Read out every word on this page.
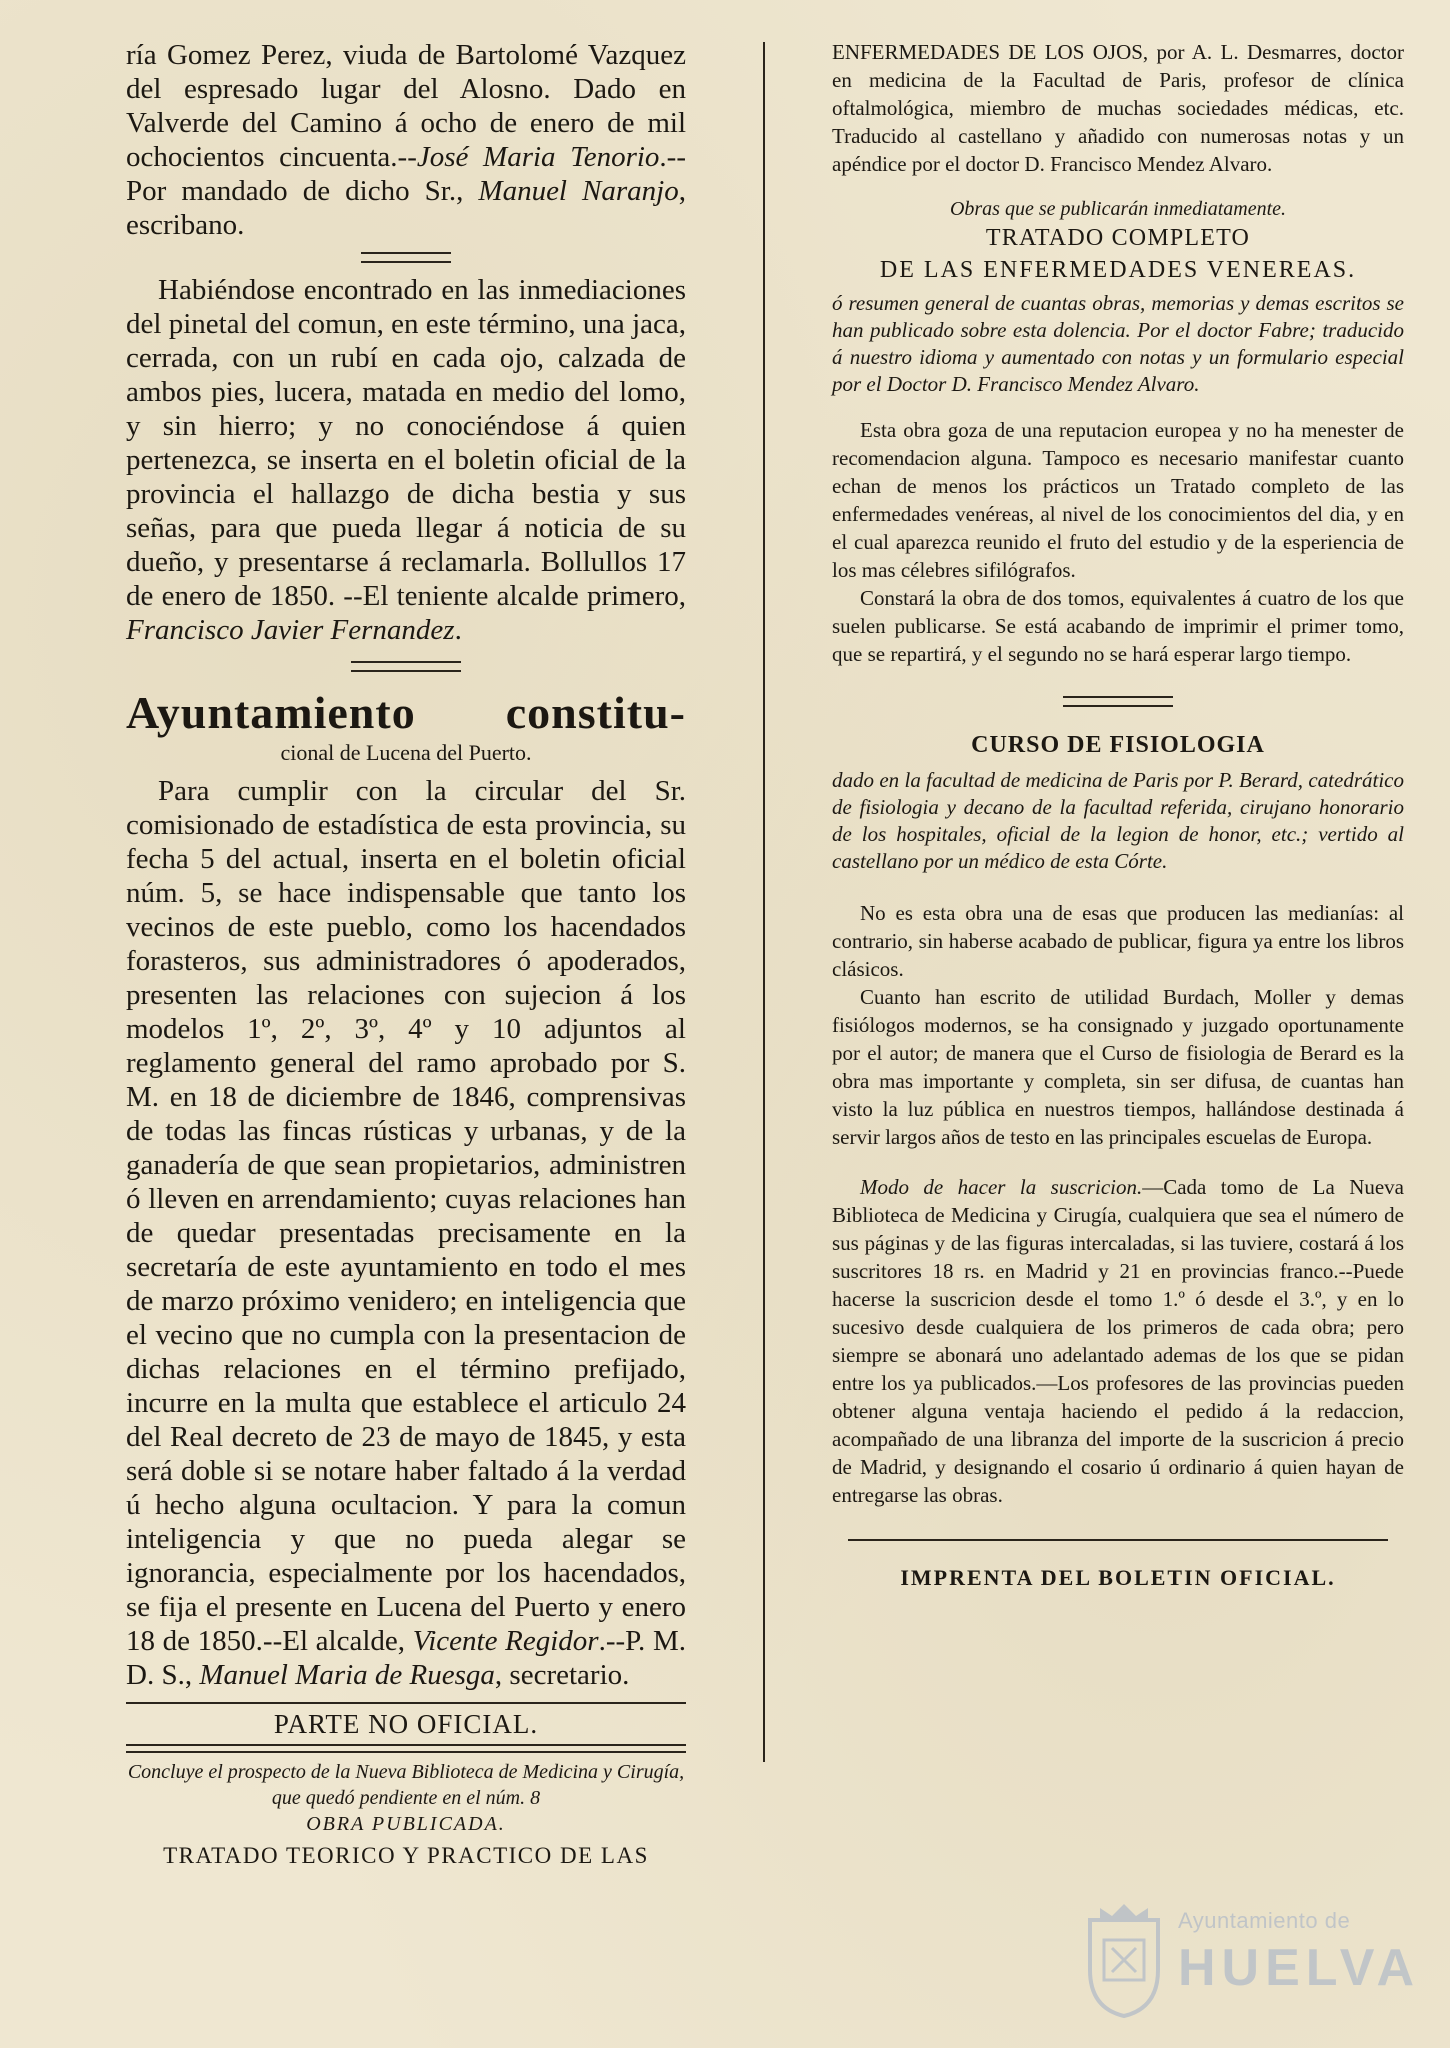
ría Gomez Perez, viuda de Bartolomé Vazquez del espresado lugar del Alosno. Dado en Valverde del Camino á ocho de enero de mil ochocientos cincuenta.--José Maria Tenorio.--Por mandado de dicho Sr., Manuel Naranjo, escribano.

Habiéndose encontrado en las inmediaciones del pinetal del comun, en este término, una jaca, cerrada, con un rubí en cada ojo, calzada de ambos pies, lucera, matada en medio del lomo, y sin hierro; y no conociéndose á quien pertenezca, se inserta en el boletin oficial de la provincia el hallazgo de dicha bestia y sus señas, para que pueda llegar á noticia de su dueño, y presentarse á reclamarla. Bollullos 17 de enero de 1850. --El teniente alcalde primero, Francisco Javier Fernandez.

Ayuntamiento constitu-

cional de Lucena del Puerto.

Para cumplir con la circular del Sr. comisionado de estadística de esta provincia, su fecha 5 del actual, inserta en el boletin oficial núm. 5, se hace indispensable que tanto los vecinos de este pueblo, como los hacendados forasteros, sus administradores ó apoderados, presenten las relaciones con sujecion á los modelos 1º, 2º, 3º, 4º y 10 adjuntos al reglamento general del ramo aprobado por S. M. en 18 de diciembre de 1846, comprensivas de todas las fincas rústicas y urbanas, y de la ganadería de que sean propietarios, administren ó lleven en arrendamiento; cuyas relaciones han de quedar presentadas precisamente en la secretaría de este ayuntamiento en todo el mes de marzo próximo venidero; en inteligencia que el vecino que no cumpla con la presentacion de dichas relaciones en el término prefijado, incurre en la multa que establece el articulo 24 del Real decreto de 23 de mayo de 1845, y esta será doble si se notare haber faltado á la verdad ú hecho alguna ocultacion. Y para la comun inteligencia y que no pueda alegar se ignorancia, especialmente por los hacendados, se fija el presente en Lucena del Puerto y enero 18 de 1850.--El alcalde, Vicente Regidor.--P. M. D. S., Manuel Maria de Ruesga, secretario.

PARTE NO OFICIAL.

Concluye el prospecto de la Nueva Biblioteca de Medicina y Cirugía, que quedó pendiente en el núm. 8

OBRA PUBLICADA.

TRATADO TEORICO Y PRACTICO DE LAS

ENFERMEDADES DE LOS OJOS, por A. L. Desmarres, doctor en medicina de la Facultad de Paris, profesor de clínica oftalmológica, miembro de muchas sociedades médicas, etc. Traducido al castellano y añadido con numerosas notas y un apéndice por el doctor D. Francisco Mendez Alvaro.

Obras que se publicarán inmediatamente.

TRATADO COMPLETO

DE LAS ENFERMEDADES VENEREAS.

ó resumen general de cuantas obras, memorias y demas escritos se han publicado sobre esta dolencia. Por el doctor Fabre; traducido á nuestro idioma y aumentado con notas y un formulario especial por el Doctor D. Francisco Mendez Alvaro.

Esta obra goza de una reputacion europea y no ha menester de recomendacion alguna. Tampoco es necesario manifestar cuanto echan de menos los prácticos un Tratado completo de las enfermedades venéreas, al nivel de los conocimientos del dia, y en el cual aparezca reunido el fruto del estudio y de la esperiencia de los mas célebres sifilógrafos.

Constará la obra de dos tomos, equivalentes á cuatro de los que suelen publicarse. Se está acabando de imprimir el primer tomo, que se repartirá, y el segundo no se hará esperar largo tiempo.

CURSO DE FISIOLOGIA

dado en la facultad de medicina de Paris por P. Berard, catedrático de fisiologia y decano de la facultad referida, cirujano honorario de los hospitales, oficial de la legion de honor, etc.; vertido al castellano por un médico de esta Córte.

No es esta obra una de esas que producen las medianías: al contrario, sin haberse acabado de publicar, figura ya entre los libros clásicos.

Cuanto han escrito de utilidad Burdach, Moller y demas fisiólogos modernos, se ha consignado y juzgado oportunamente por el autor; de manera que el Curso de fisiologia de Berard es la obra mas importante y completa, sin ser difusa, de cuantas han visto la luz pública en nuestros tiempos, hallándose destinada á servir largos años de testo en las principales escuelas de Europa.

Modo de hacer la suscricion.—Cada tomo de La Nueva Biblioteca de Medicina y Cirugía, cualquiera que sea el número de sus páginas y de las figuras intercaladas, si las tuviere, costará á los suscritores 18 rs. en Madrid y 21 en provincias franco.--Puede hacerse la suscricion desde el tomo 1.º ó desde el 3.º, y en lo sucesivo desde cualquiera de los primeros de cada obra; pero siempre se abonará uno adelantado ademas de los que se pidan entre los ya publicados.—Los profesores de las provincias pueden obtener alguna ventaja haciendo el pedido á la redaccion, acompañado de una libranza del importe de la suscricion á precio de Madrid, y designando el cosario ú ordinario á quien hayan de entregarse las obras.

IMPRENTA DEL BOLETIN OFICIAL.

Ayuntamiento de
HUELVA
